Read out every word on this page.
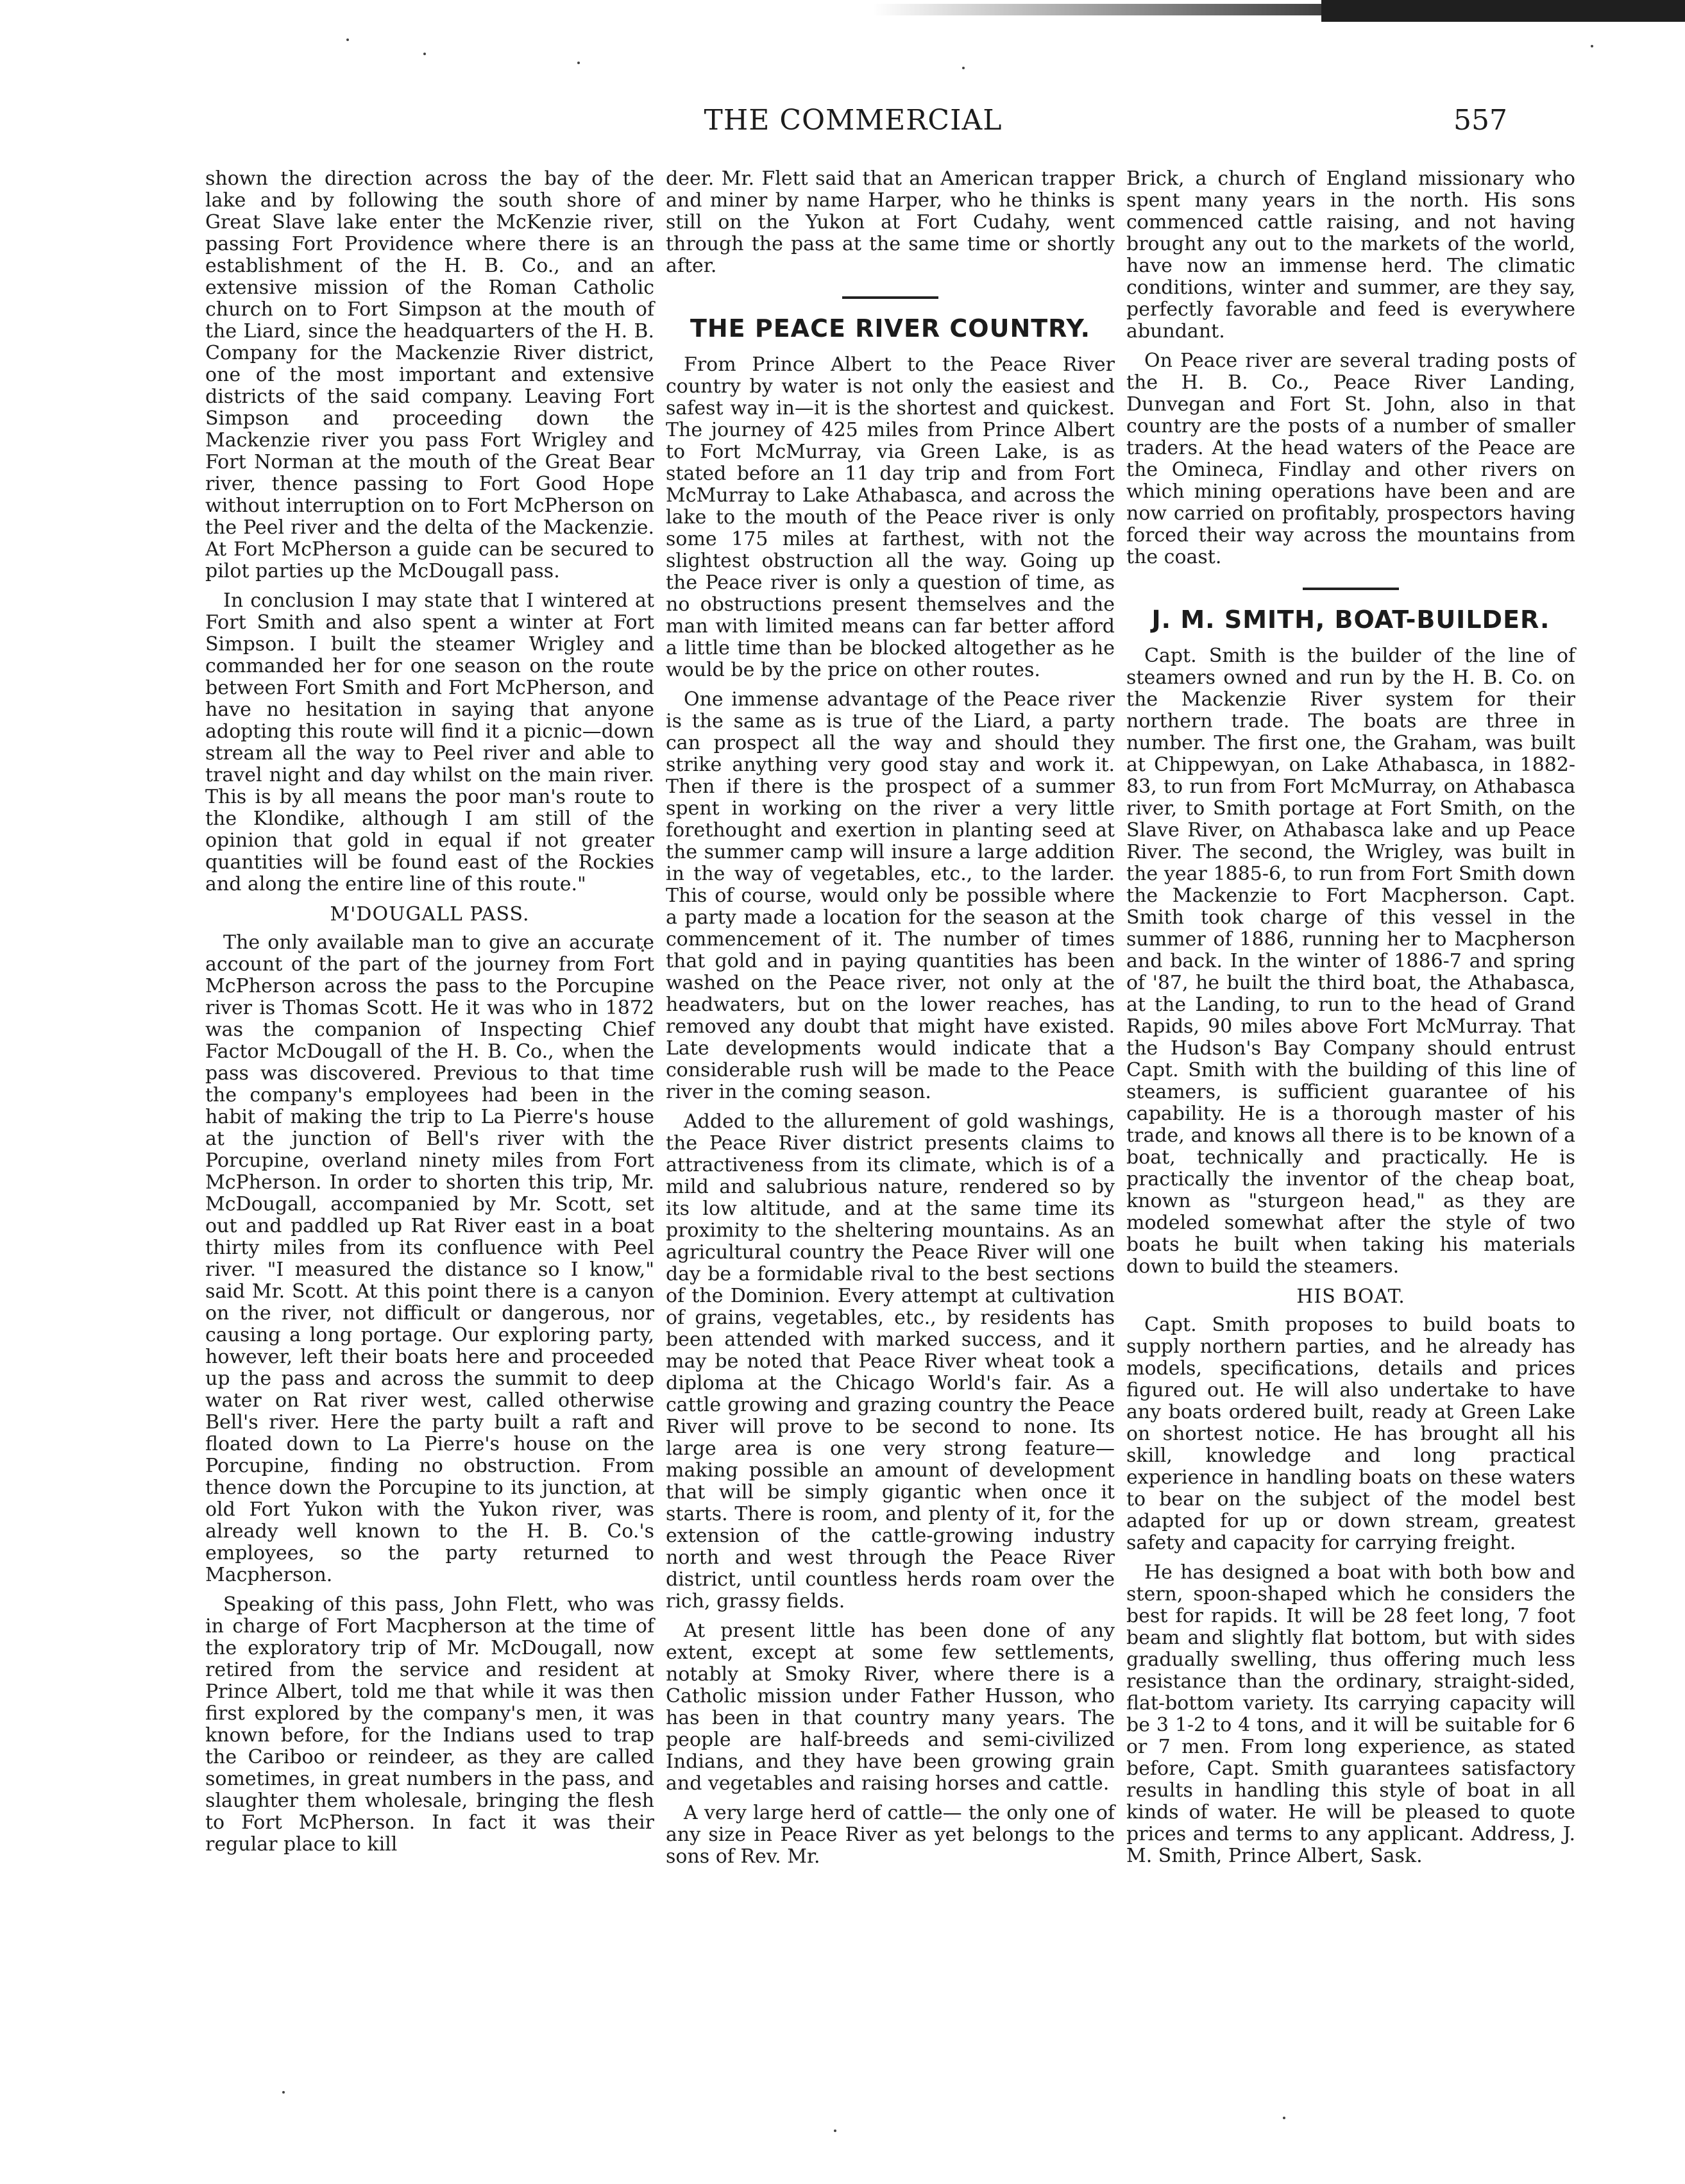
THE COMMERCIAL	557

shown the direction across the bay of the lake and by following the south shore of Great Slave lake enter the McKenzie river, passing Fort Providence where there is an establishment of the H. B. Co., and an extensive mission of the Roman Catholic church on to Fort Simpson at the mouth of the Liard, since the headquarters of the H. B. Company for the Mackenzie River district, one of the most important and extensive districts of the said company. Leaving Fort Simpson and proceeding down the Mackenzie river you pass Fort Wrigley and Fort Norman at the mouth of the Great Bear river, thence passing to Fort Good Hope without interruption on to Fort McPherson on the Peel river and the delta of the Mackenzie. At Fort McPherson a guide can be secured to pilot parties up the McDougall pass.

In conclusion I may state that I wintered at Fort Smith and also spent a winter at Fort Simpson. I built the steamer Wrigley and commanded her for one season on the route between Fort Smith and Fort McPherson, and have no hesitation in saying that anyone adopting this route will find it a picnic—down stream all the way to Peel river and able to travel night and day whilst on the main river. This is by all means the poor man's route to the Klondike, although I am still of the opinion that gold in equal if not greater quantities will be found east of the Rockies and along the entire line of this route."

M'DOUGALL PASS.

The only available man to give an accurate account of the part of the journey from Fort McPherson across the pass to the Porcupine river is Thomas Scott. He it was who in 1872 was the companion of Inspecting Chief Factor McDougall of the H. B. Co., when the pass was discovered. Previous to that time the company's employees had been in the habit of making the trip to La Pierre's house at the junction of Bell's river with the Porcupine, overland ninety miles from Fort McPherson. In order to shorten this trip, Mr. McDougall, accompanied by Mr. Scott, set out and paddled up Rat River east in a boat thirty miles from its confluence with Peel river. "I measured the distance so I know," said Mr. Scott. At this point there is a canyon on the river, not difficult or dangerous, nor causing a long portage. Our exploring party, however, left their boats here and proceeded up the pass and across the summit to deep water on Rat river west, called otherwise Bell's river. Here the party built a raft and floated down to La Pierre's house on the Porcupine, finding no obstruction. From thence down the Porcupine to its junction, at old Fort Yukon with the Yukon river, was already well known to the H. B. Co.'s employees, so the party returned to Macpherson.

Speaking of this pass, John Flett, who was in charge of Fort Macpherson at the time of the exploratory trip of Mr. McDougall, now retired from the service and resident at Prince Albert, told me that while it was then first explored by the company's men, it was known before, for the Indians used to trap the Cariboo or reindeer, as they are called sometimes, in great numbers in the pass, and slaughter them wholesale, bringing the flesh to Fort McPherson. In fact it was their regular place to kill

deer. Mr. Flett said that an American trapper and miner by name Harper, who he thinks is still on the Yukon at Fort Cudahy, went through the pass at the same time or shortly after.

THE PEACE RIVER COUNTRY.

From Prince Albert to the Peace River country by water is not only the easiest and safest way in—it is the shortest and quickest. The journey of 425 miles from Prince Albert to Fort McMurray, via Green Lake, is as stated before an 11 day trip and from Fort McMurray to Lake Athabasca, and across the lake to the mouth of the Peace river is only some 175 miles at farthest, with not the slightest obstruction all the way. Going up the Peace river is only a question of time, as no obstructions present themselves and the man with limited means can far better afford a little time than be blocked altogether as he would be by the price on other routes.

One immense advantage of the Peace river is the same as is true of the Liard, a party can prospect all the way and should they strike anything very good stay and work it. Then if there is the prospect of a summer spent in working on the river a very little forethought and exertion in planting seed at the summer camp will insure a large addition in the way of vegetables, etc., to the larder. This of course, would only be possible where a party made a location for the season at the commencement of it. The number of times that gold and in paying quantities has been washed on the Peace river, not only at the headwaters, but on the lower reaches, has removed any doubt that might have existed. Late developments would indicate that a considerable rush will be made to the Peace river in the coming season.

Added to the allurement of gold washings, the Peace River district presents claims to attractiveness from its climate, which is of a mild and salubrious nature, rendered so by its low altitude, and at the same time its proximity to the sheltering mountains. As an agricultural country the Peace River will one day be a formidable rival to the best sections of the Dominion. Every attempt at cultivation of grains, vegetables, etc., by residents has been attended with marked success, and it may be noted that Peace River wheat took a diploma at the Chicago World's fair. As a cattle growing and grazing country the Peace River will prove to be second to none. Its large area is one very strong feature—making possible an amount of development that will be simply gigantic when once it starts. There is room, and plenty of it, for the extension of the cattle-growing industry north and west through the Peace River district, until countless herds roam over the rich, grassy fields.

At present little has been done of any extent, except at some few settlements, notably at Smoky River, where there is a Catholic mission under Father Husson, who has been in that country many years. The people are half-breeds and semi-civilized Indians, and they have been growing grain and vegetables and raising horses and cattle.

A very large herd of cattle— the only one of any size in Peace River as yet belongs to the sons of Rev. Mr.

Brick, a church of England missionary who spent many years in the north. His sons commenced cattle raising, and not having brought any out to the markets of the world, have now an immense herd. The climatic conditions, winter and summer, are they say, perfectly favorable and feed is everywhere abundant.

On Peace river are several trading posts of the H. B. Co., Peace River Landing, Dunvegan and Fort St. John, also in that country are the posts of a number of smaller traders. At the head waters of the Peace are the Omineca, Findlay and other rivers on which mining operations have been and are now carried on profitably, prospectors having forced their way across the mountains from the coast.

J. M. SMITH, BOAT-BUILDER.

Capt. Smith is the builder of the line of steamers owned and run by the H. B. Co. on the Mackenzie River system for their northern trade. The boats are three in number. The first one, the Graham, was built at Chippewyan, on Lake Athabasca, in 1882-83, to run from Fort McMurray, on Athabasca river, to Smith portage at Fort Smith, on the Slave River, on Athabasca lake and up Peace River. The second, the Wrigley, was built in the year 1885-6, to run from Fort Smith down the Mackenzie to Fort Macpherson. Capt. Smith took charge of this vessel in the summer of 1886, running her to Macpherson and back. In the winter of 1886-7 and spring of '87, he built the third boat, the Athabasca, at the Landing, to run to the head of Grand Rapids, 90 miles above Fort McMurray. That the Hudson's Bay Company should entrust Capt. Smith with the building of this line of steamers, is sufficient guarantee of his capability. He is a thorough master of his trade, and knows all there is to be known of a boat, technically and practically. He is practically the inventor of the cheap boat, known as "sturgeon head," as they are modeled somewhat after the style of two boats he built when taking his materials down to build the steamers.

HIS BOAT.

Capt. Smith proposes to build boats to supply northern parties, and he already has models, specifications, details and prices figured out. He will also undertake to have any boats ordered built, ready at Green Lake on shortest notice. He has brought all his skill, knowledge and long practical experience in handling boats on these waters to bear on the subject of the model best adapted for up or down stream, greatest safety and capacity for carrying freight.

He has designed a boat with both bow and stern, spoon-shaped which he considers the best for rapids. It will be 28 feet long, 7 foot beam and slightly flat bottom, but with sides gradually swelling, thus offering much less resistance than the ordinary, straight-sided, flat-bottom variety. Its carrying capacity will be 3 1-2 to 4 tons, and it will be suitable for 6 or 7 men. From long experience, as stated before, Capt. Smith guarantees satisfactory results in handling this style of boat in all kinds of water. He will be pleased to quote prices and terms to any applicant. Address, J. M. Smith, Prince Albert, Sask.
